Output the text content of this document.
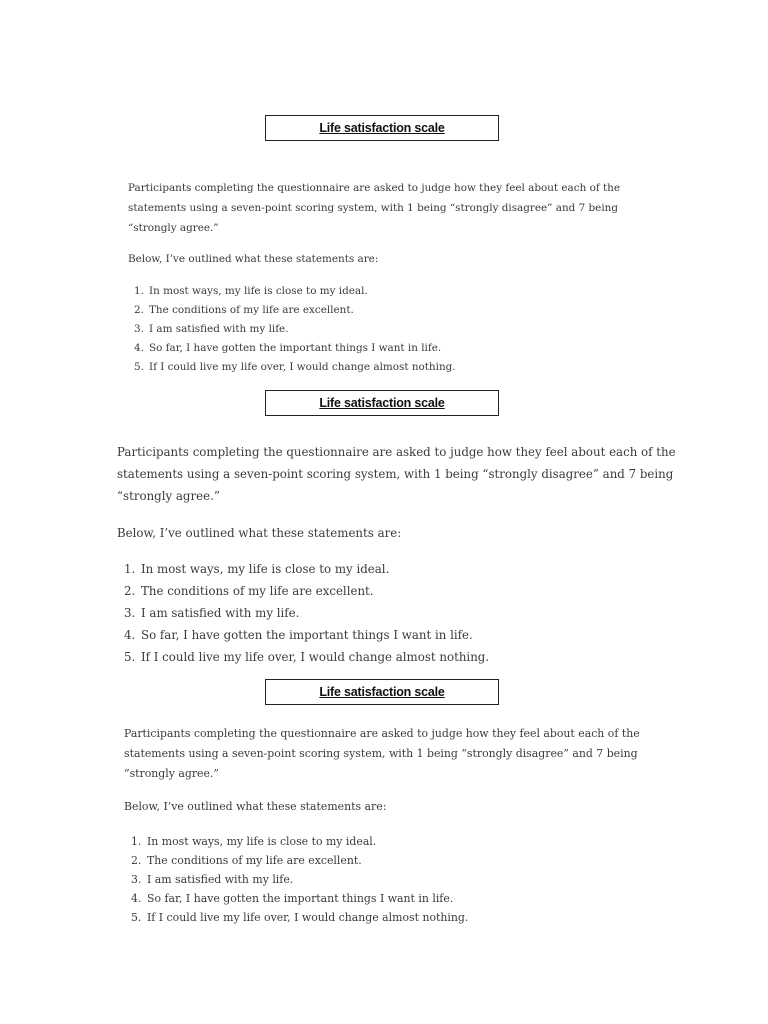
Life satisfaction scale

Participants completing the questionnaire are asked to judge how they feel about each of the statements using a seven-point scoring system, with 1 being “strongly disagree” and 7 being “strongly agree.”

Below, I’ve outlined what these statements are:

1. In most ways, my life is close to my ideal.
2. The conditions of my life are excellent.
3. I am satisfied with my life.
4. So far, I have gotten the important things I want in life.
5. If I could live my life over, I would change almost nothing.
Life satisfaction scale

Participants completing the questionnaire are asked to judge how they feel about each of the statements using a seven-point scoring system, with 1 being “strongly disagree” and 7 being “strongly agree.”

Below, I’ve outlined what these statements are:

1. In most ways, my life is close to my ideal.
2. The conditions of my life are excellent.
3. I am satisfied with my life.
4. So far, I have gotten the important things I want in life.
5. If I could live my life over, I would change almost nothing.
Life satisfaction scale

Participants completing the questionnaire are asked to judge how they feel about each of the statements using a seven-point scoring system, with 1 being “strongly disagree” and 7 being “strongly agree.”

Below, I’ve outlined what these statements are:

1. In most ways, my life is close to my ideal.
2. The conditions of my life are excellent.
3. I am satisfied with my life.
4. So far, I have gotten the important things I want in life.
5. If I could live my life over, I would change almost nothing.
